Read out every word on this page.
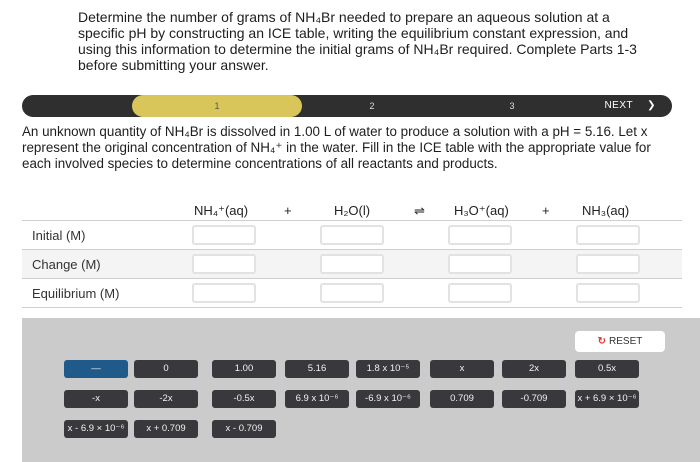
Determine the number of grams of NH₄Br needed to prepare an aqueous solution at a specific pH by constructing an ICE table, writing the equilibrium constant expression, and using this information to determine the initial grams of NH₄Br required. Complete Parts 1-3 before submitting your answer.
1	2	3	NEXT ❯
An unknown quantity of NH₄Br is dissolved in 1.00 L of water to produce a solution with a pH = 5.16. Let x represent the original concentration of NH₄⁺ in the water. Fill in the ICE table with the appropriate value for each involved species to determine concentrations of all reactants and products.
NH₄⁺(aq)	+	H₂O(l)	⇌ H₃O⁺(aq)	+ NH₃(aq)
Initial (M)
Change (M)
Equilibrium (M)
↻ RESET
—	0	1.00	5.16	1.8 x 10⁻⁵	x	2x	0.5x
-x	-2x	-0.5x	6.9 x 10⁻⁶	-6.9 x 10⁻⁶	0.709	-0.709	x + 6.9 × 10⁻⁶
x - 6.9 × 10⁻⁶	x + 0.709	x - 0.709
